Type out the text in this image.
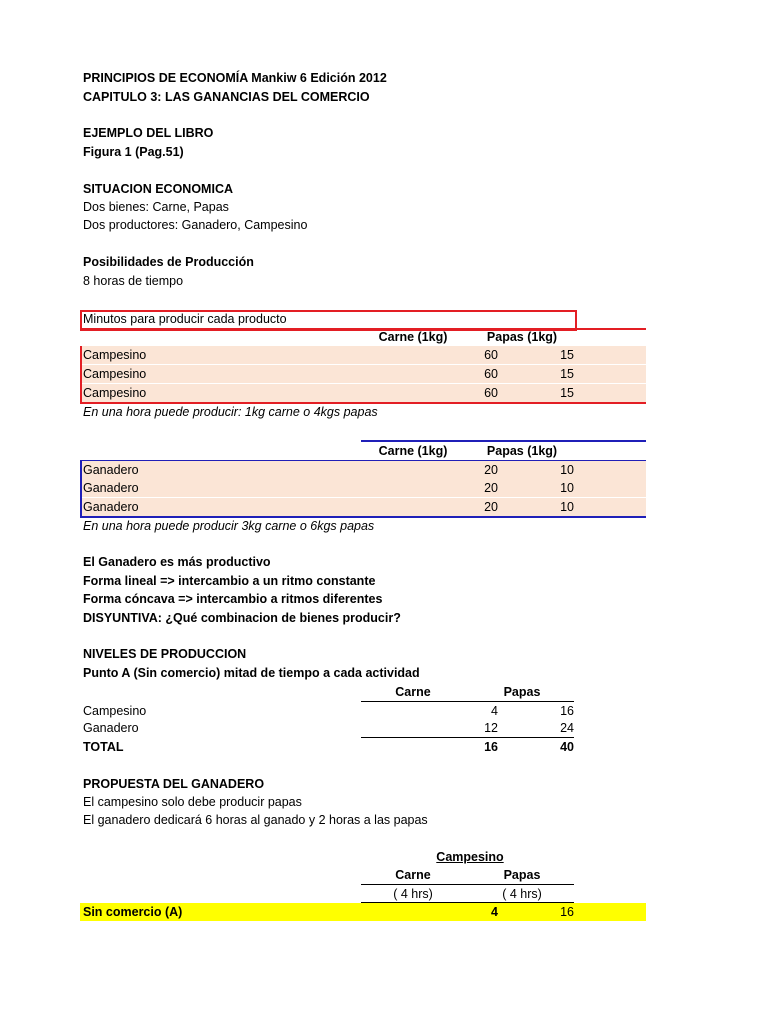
PRINCIPIOS DE ECONOMÍA Mankiw 6 Edición 2012
CAPITULO 3: LAS GANANCIAS DEL COMERCIO
EJEMPLO DEL LIBRO
Figura 1 (Pag.51)
SITUACION ECONOMICA
Dos bienes: Carne, Papas
Dos productores: Ganadero, Campesino
Posibilidades de Producción
8 horas de tiempo
Minutos para producir cada producto
Carne (1kg)	Papas (1kg)
Campesino	60	15
Campesino	60	15
Campesino	60	15
En una hora puede producir: 1kg carne o 4kgs papas
Carne (1kg)	Papas (1kg)
Ganadero	20	10
Ganadero	20	10
Ganadero	20	10
En una hora puede producir 3kg carne o 6kgs papas
El Ganadero es más productivo
Forma lineal => intercambio a un ritmo constante
Forma cóncava => intercambio a ritmos diferentes
DISYUNTIVA: ¿Qué combinacion de bienes producir?
NIVELES DE PRODUCCION
Punto A (Sin comercio) mitad de tiempo a cada actividad
Carne	Papas
Campesino	4	16
Ganadero	12	24
TOTAL	16	40
PROPUESTA DEL GANADERO
El campesino solo debe producir papas
El ganadero dedicará 6 horas al ganado y 2 horas a las papas
Campesino
Carne	Papas
( 4 hrs)	( 4 hrs)
Sin comercio (A)	4	16
